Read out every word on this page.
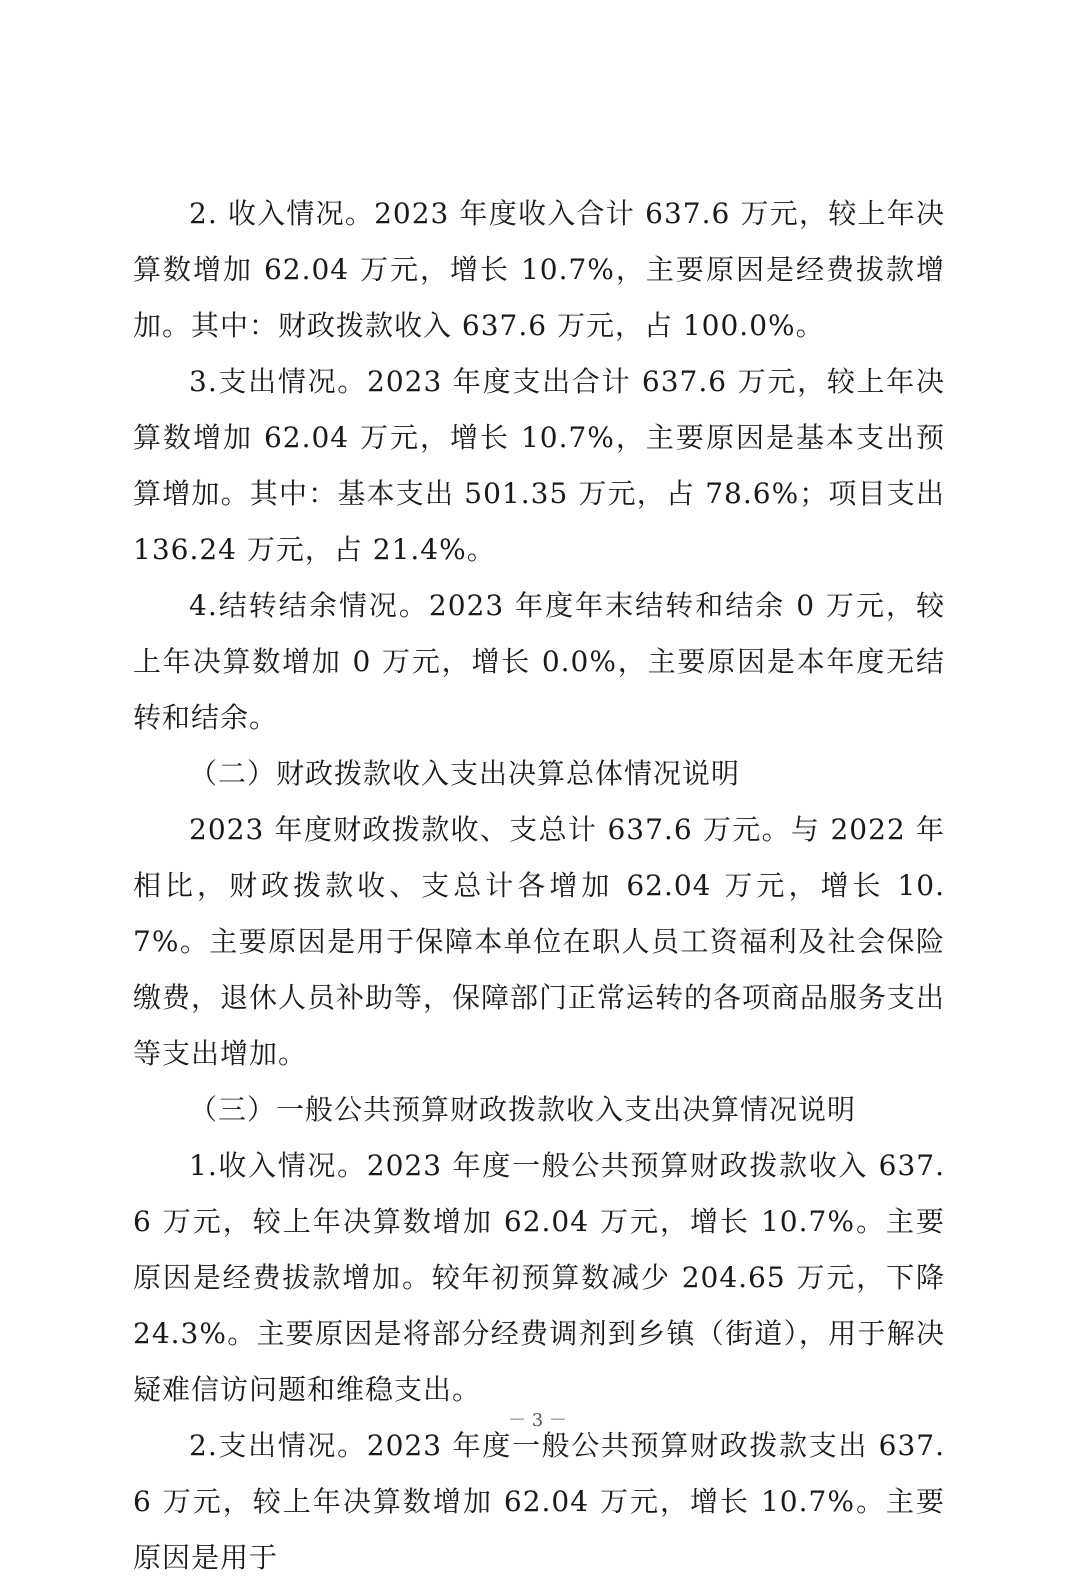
2. 收入情况。2023 年度收入合计 637.6 万元，较上年决算数增加 62.04 万元，增长 10.7%，主要原因是经费拔款增加。其中：财政拨款收入 637.6 万元，占 100.0%。

3.支出情况。2023 年度支出合计 637.6 万元，较上年决算数增加 62.04 万元，增长 10.7%，主要原因是基本支出预算增加。其中：基本支出 501.35 万元，占 78.6%；项目支出 136.24 万元，占 21.4%。

4.结转结余情况。2023 年度年末结转和结余 0 万元，较上年决算数增加 0 万元，增长 0.0%，主要原因是本年度无结转和结余。

（二）财政拨款收入支出决算总体情况说明

2023 年度财政拨款收、支总计 637.6 万元。与 2022 年相比，财政拨款收、支总计各增加 62.04 万元，增长 10.7%。主要原因是用于保障本单位在职人员工资福利及社会保险缴费，退休人员补助等，保障部门正常运转的各项商品服务支出等支出增加。

（三）一般公共预算财政拨款收入支出决算情况说明

1.收入情况。2023 年度一般公共预算财政拨款收入 637.6 万元，较上年决算数增加 62.04 万元，增长 10.7%。主要原因是经费拔款增加。较年初预算数减少 204.65 万元，下降 24.3%。主要原因是将部分经费调剂到乡镇（街道），用于解决疑难信访问题和维稳支出。

2.支出情况。2023 年度一般公共预算财政拨款支出 637.6 万元，较上年决算数增加 62.04 万元，增长 10.7%。主要原因是用于

－ 3 －
